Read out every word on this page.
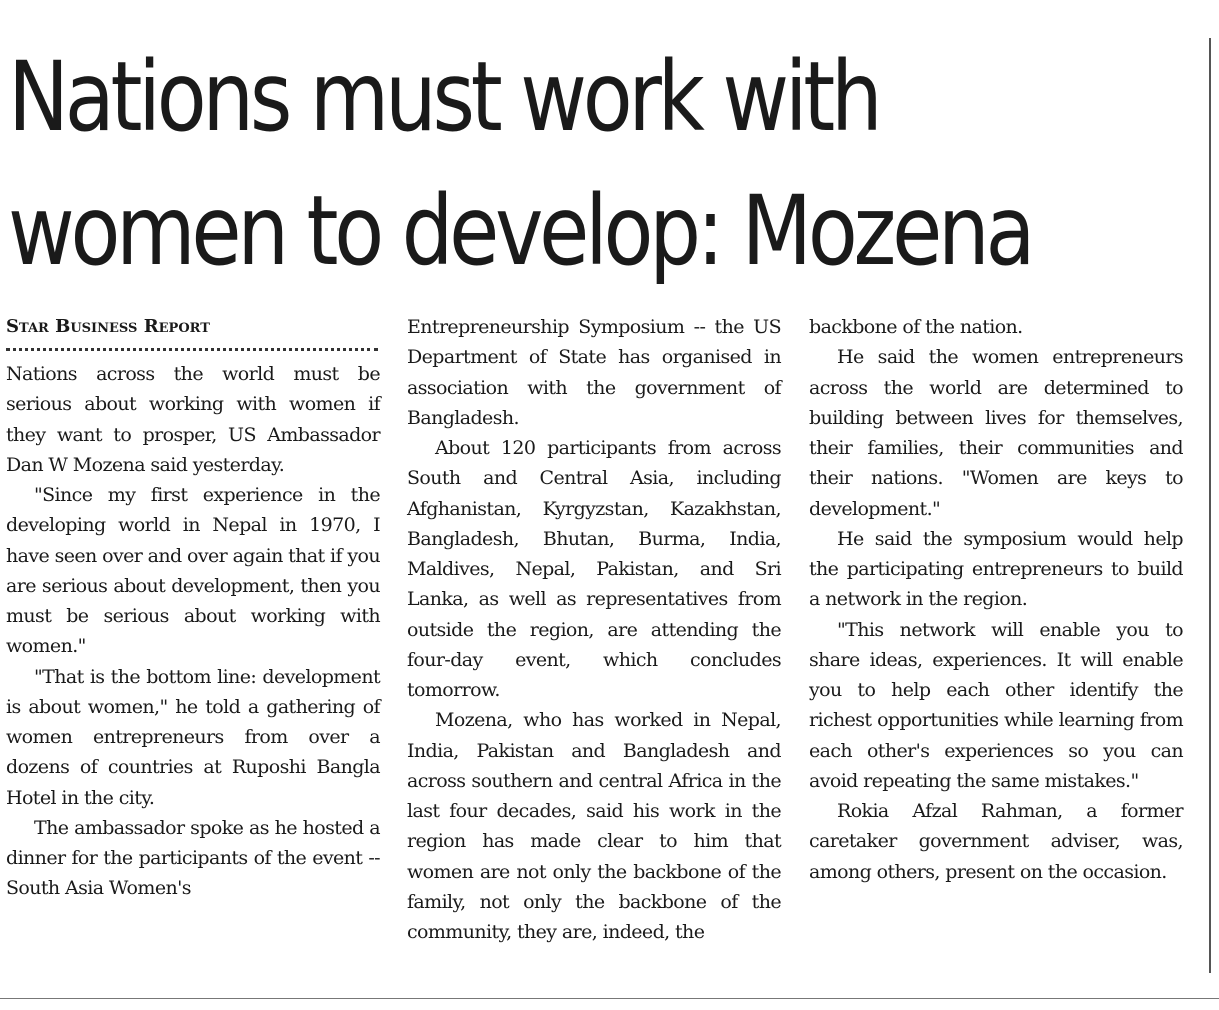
Nations must work with
women to develop: Mozena

Star Business Report

Nations across the world must be serious about working with women if they want to prosper, US Ambassador Dan W Mozena said yesterday.

"Since my first experience in the developing world in Nepal in 1970, I have seen over and over again that if you are serious about development, then you must be serious about working with women."

"That is the bottom line: development is about women," he told a gathering of women entrepreneurs from over a dozens of countries at Ruposhi Bangla Hotel in the city.

The ambassador spoke as he hosted a dinner for the participants of the event -- South Asia Women's

Entrepreneurship Symposium -- the US Department of State has organised in association with the government of Bangladesh.

About 120 participants from across South and Central Asia, including Afghanistan, Kyrgyzstan, Kazakhstan, Bangladesh, Bhutan, Burma, India, Maldives, Nepal, Pakistan, and Sri Lanka, as well as representatives from outside the region, are attending the four-day event, which concludes tomorrow.

Mozena, who has worked in Nepal, India, Pakistan and Bangladesh and across southern and central Africa in the last four decades, said his work in the region has made clear to him that women are not only the backbone of the family, not only the backbone of the community, they are, indeed, the

backbone of the nation.

He said the women entrepreneurs across the world are determined to building between lives for themselves, their families, their communities and their nations. "Women are keys to development."

He said the symposium would help the participating entrepreneurs to build a network in the region.

"This network will enable you to share ideas, experiences. It will enable you to help each other identify the richest opportunities while learning from each other's experiences so you can avoid repeating the same mistakes."

Rokia Afzal Rahman, a former caretaker government adviser, was, among others, present on the occasion.
